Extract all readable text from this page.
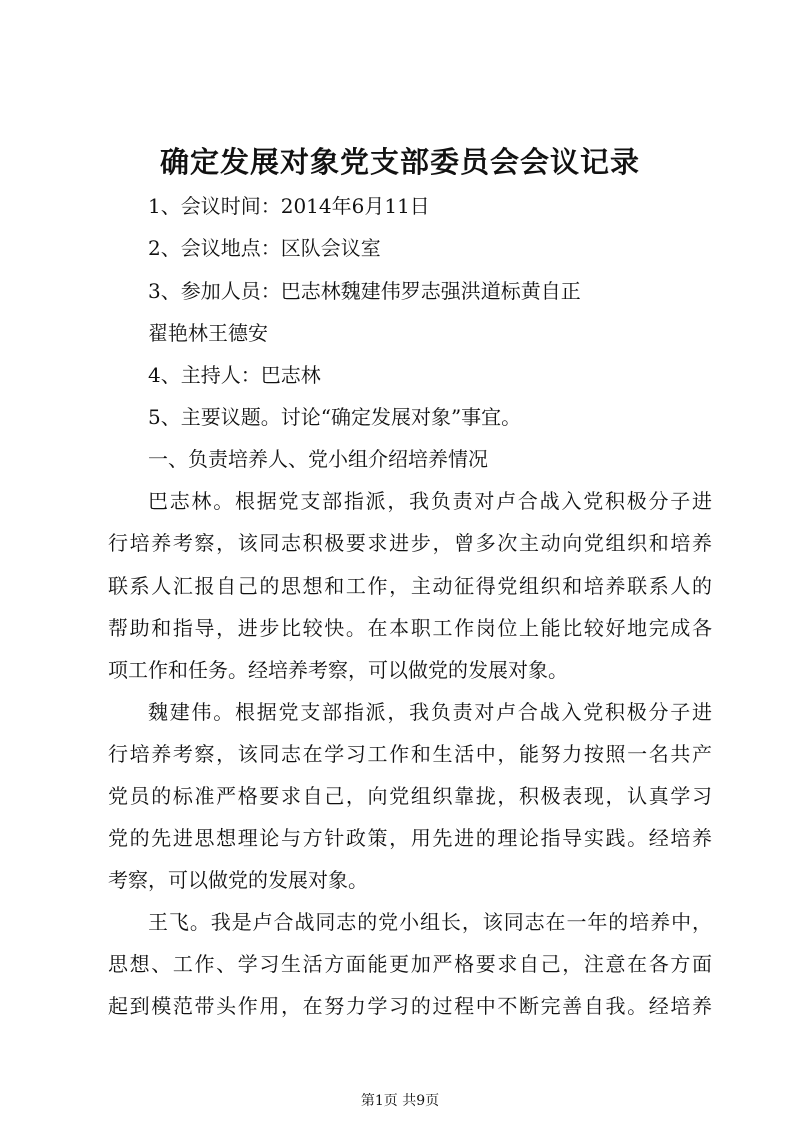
确定发展对象党支部委员会会议记录
1、会议时间：2014年6月11日
2、会议地点：区队会议室
3、参加人员：巴志林魏建伟罗志强洪道标黄自正
翟艳林王德安
4、主持人：巴志林
5、主要议题。讨论“确定发展对象”事宜。
一、负责培养人、党小组介绍培养情况
巴志林。根据党支部指派，我负责对卢合战入党积极分子进
行培养考察，该同志积极要求进步，曾多次主动向党组织和培养
联系人汇报自己的思想和工作，主动征得党组织和培养联系人的
帮助和指导，进步比较快。在本职工作岗位上能比较好地完成各
项工作和任务。经培养考察，可以做党的发展对象。
魏建伟。根据党支部指派，我负责对卢合战入党积极分子进
行培养考察，该同志在学习工作和生活中，能努力按照一名共产
党员的标准严格要求自己，向党组织靠拢，积极表现，认真学习
党的先进思想理论与方针政策，用先进的理论指导实践。经培养
考察，可以做党的发展对象。
王飞。我是卢合战同志的党小组长，该同志在一年的培养中，
思想、工作、学习生活方面能更加严格要求自己，注意在各方面
起到模范带头作用，在努力学习的过程中不断完善自我。经培养
第1页 共9页
